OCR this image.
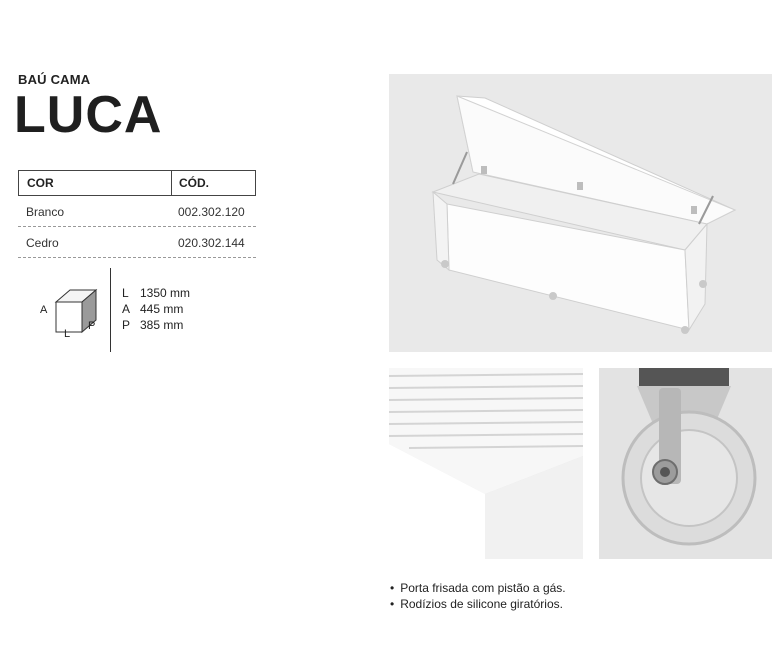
BAÚ CAMA
LUCA
COR	CÓD.
Branco	002.302.120
Cedro	020.302.144
A
L
P
L 1350 mm
A 445 mm
P 385 mm
• Porta frisada com pistão a gás.
• Rodízios de silicone giratórios.
